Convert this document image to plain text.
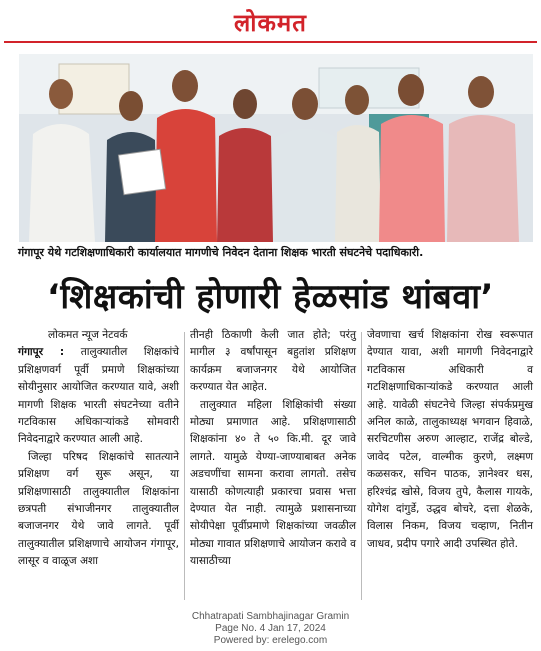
लोकमत
गंगापूर येथे गटशिक्षणाधिकारी कार्यालयात मागणीचे निवेदन देताना शिक्षक भारती संघटनेचे पदाधिकारी.
‘शिक्षकांची होणारी हेळसांड थांबवा’

लोकमत न्यूज नेटवर्क

गंगापूर : तालुक्यातील शिक्षकांचे प्रशिक्षणवर्ग पूर्वी प्रमाणे शिक्षकांच्या सोयीनुसार आयोजित करण्यात यावे, अशी मागणी शिक्षक भारती संघटनेच्या वतीने गटविकास अधिकाऱ्यांकडे सोमवारी निवेदनाद्वारे करण्यात आली आहे.

जिल्हा परिषद शिक्षकांचे सातत्याने प्रशिक्षण वर्ग सुरू असून, या प्रशिक्षणासाठी तालुक्यातील शिक्षकांना छत्रपती संभाजीनगर तालुक्यातील बजाजनगर येथे जावे लागते. पूर्वी तालुक्यातील प्रशिक्षणाचे आयोजन गंगापूर, लासूर व वाळूज अशा

तीनही ठिकाणी केली जात होते; परंतु मागील ३ वर्षांपासून बहुतांश प्रशिक्षण कार्यक्रम बजाजनगर येथे आयोजित करण्यात येत आहेत.

तालुक्यात महिला शिक्षिकांची संख्या मोठ्या प्रमाणात आहे. प्रशिक्षणासाठी शिक्षकांना ४० ते ५० कि.मी. दूर जावे लागते. यामुळे येण्या-जाण्याबाबत अनेक अडचणींचा सामना करावा लागतो. तसेच यासाठी कोणत्याही प्रकारचा प्रवास भत्ता देण्यात येत नाही. त्यामुळे प्रशासनाच्या सोयीपेक्षा पूर्वीप्रमाणे शिक्षकांच्या जवळील मोठ्या गावात प्रशिक्षणाचे आयोजन करावे व यासाठीच्या

जेवणाचा खर्च शिक्षकांना रोख स्वरूपात देण्यात यावा, अशी मागणी निवेदनाद्वारे गटविकास अधिकारी व गटशिक्षणाधिकाऱ्यांकडे करण्यात आली आहे. यावेळी संघटनेचे जिल्हा संपर्कप्रमुख अनिल काळे, तालुकाध्यक्ष भगवान हिवाळे, सरचिटणीस अरुण आल्हाट, राजेंद्र बोल्डे, जावेद पटेल, वाल्मीक कुरणे, लक्ष्मण कळसकर, सचिन पाठक, ज्ञानेश्वर धस, हरिश्चंद्र खोसे, विजय तुपे, कैलास गायके, योगेश दांगुर्डे, उद्धव बोचरे, दत्ता शेळके, विलास निकम, विजय चव्हाण, नितीन जाधव, प्रदीप पगारे आदी उपस्थित होते.

Chhatrapati Sambhajinagar Gramin
Page No. 4 Jan 17, 2024
Powered by: erelego.com
